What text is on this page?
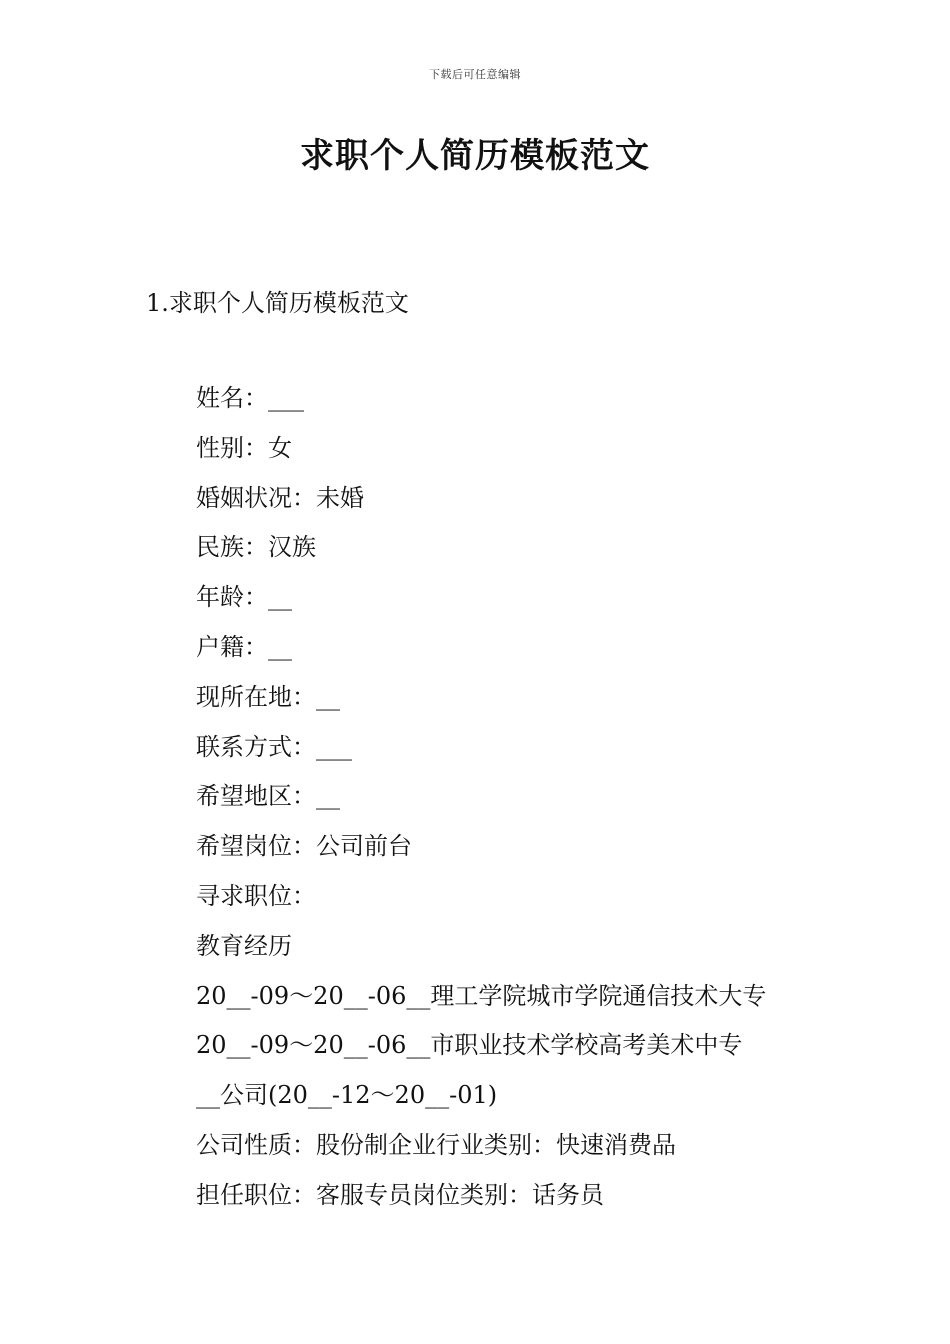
下载后可任意编辑
求职个人简历模板范文
1.求职个人简历模板范文
姓名：___
性别：女
婚姻状况：未婚
民族：汉族
年龄：__
户籍：__
现所在地：__
联系方式：___
希望地区：__
希望岗位：公司前台
寻求职位：
教育经历
20__-09～20__-06__理工学院城市学院通信技术大专
20__-09～20__-06__市职业技术学校高考美术中专
__公司(20__-12～20__-01)
公司性质：股份制企业行业类别：快速消费品
担任职位：客服专员岗位类别：话务员
